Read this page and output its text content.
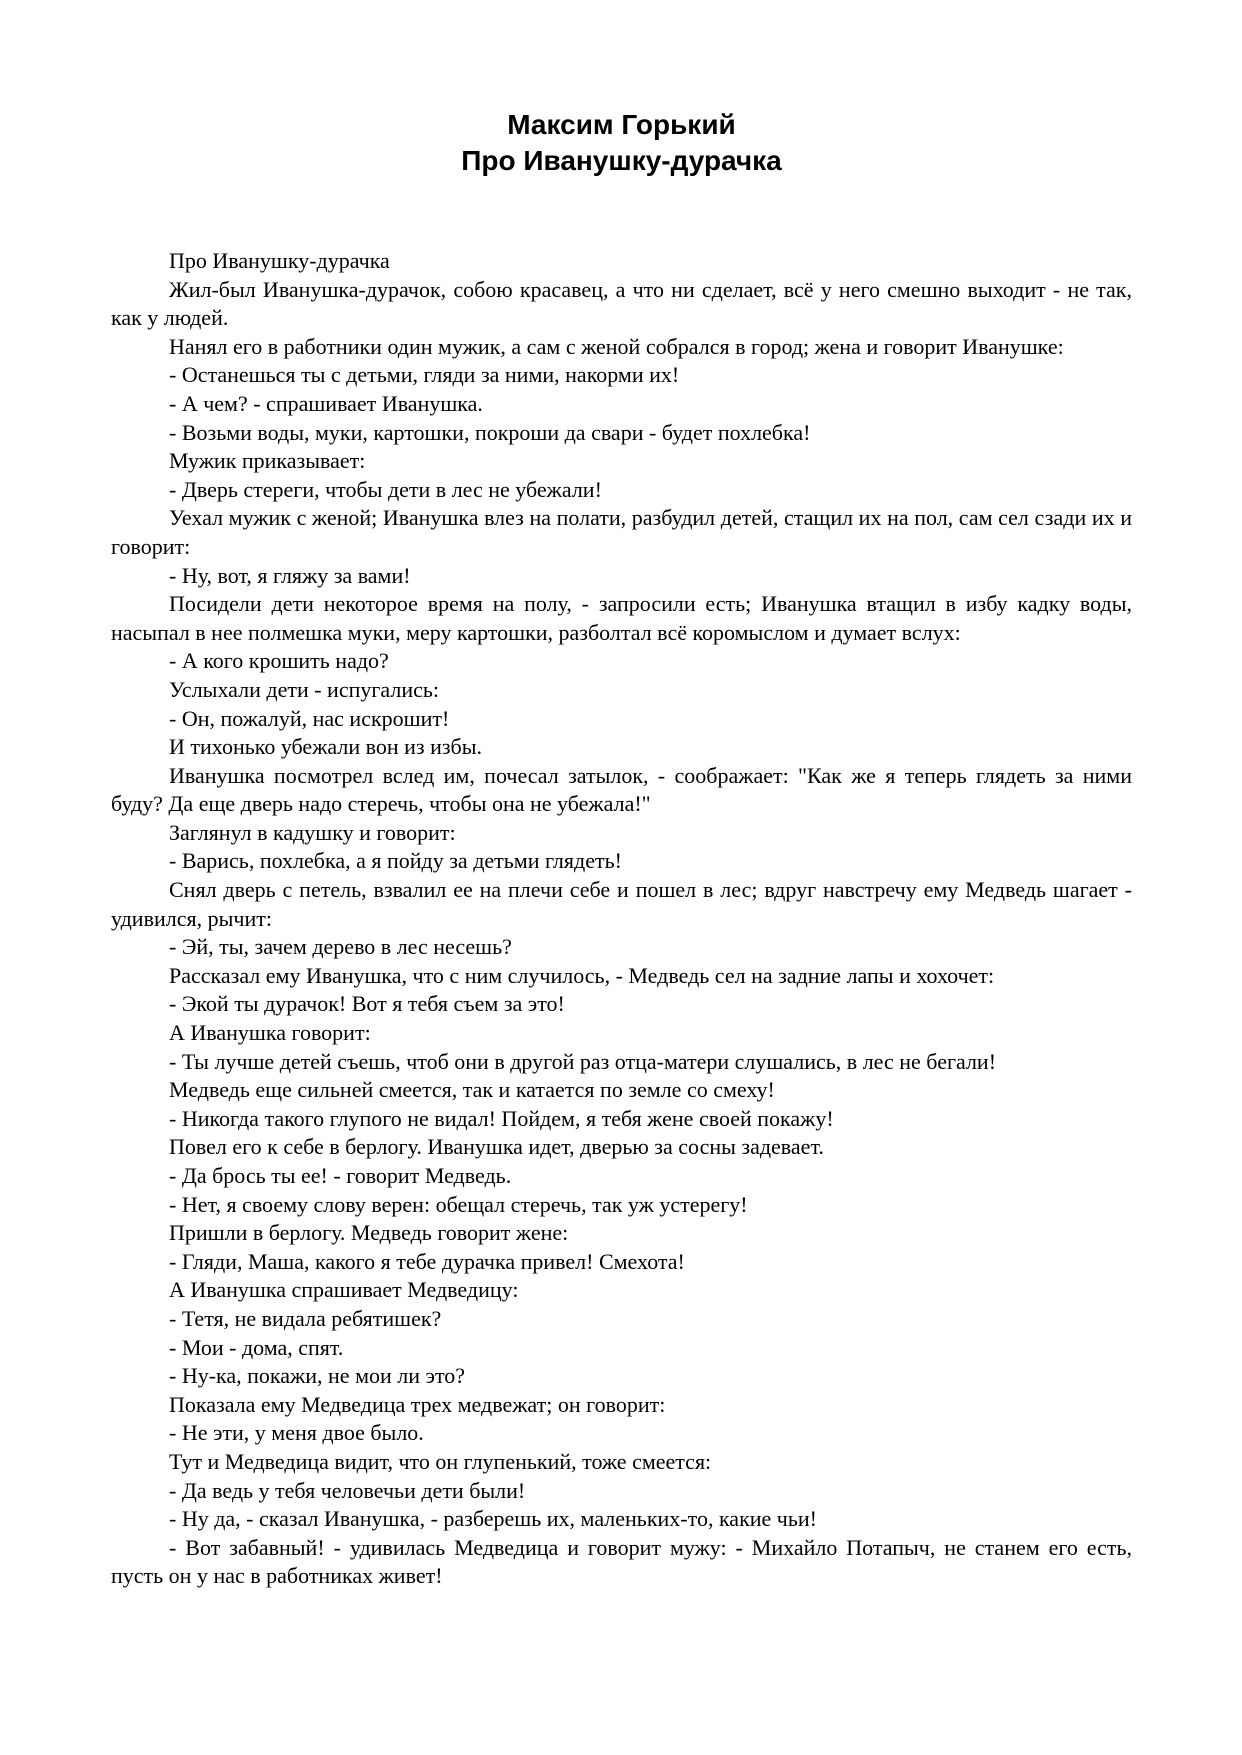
Максим Горький
Про Иванушку-дурачка

Про Иванушку-дурачка

Жил-был Иванушка-дурачок, собою красавец, а что ни сделает, всё у него смешно выходит - не так, как у людей.

Нанял его в работники один мужик, а сам с женой собрался в город; жена и говорит Иванушке:

- Останешься ты с детьми, гляди за ними, накорми их!

- А чем? - спрашивает Иванушка.

- Возьми воды, муки, картошки, покроши да свари - будет похлебка!

Мужик приказывает:

- Дверь стереги, чтобы дети в лес не убежали!

Уехал мужик с женой; Иванушка влез на полати, разбудил детей, стащил их на пол, сам сел сзади их и говорит:

- Ну, вот, я гляжу за вами!

Посидели дети некоторое время на полу, - запросили есть; Иванушка втащил в избу кадку воды, насыпал в нее полмешка муки, меру картошки, разболтал всё коромыслом и думает вслух:

- А кого крошить надо?

Услыхали дети - испугались:

- Он, пожалуй, нас искрошит!

И тихонько убежали вон из избы.

Иванушка посмотрел вслед им, почесал затылок, - соображает: "Как же я теперь глядеть за ними буду? Да еще дверь надо стеречь, чтобы она не убежала!"

Заглянул в кадушку и говорит:

- Варись, похлебка, а я пойду за детьми глядеть!

Снял дверь с петель, взвалил ее на плечи себе и пошел в лес; вдруг навстречу ему Медведь шагает - удивился, рычит:

- Эй, ты, зачем дерево в лес несешь?

Рассказал ему Иванушка, что с ним случилось, - Медведь сел на задние лапы и хохочет:

- Экой ты дурачок! Вот я тебя съем за это!

А Иванушка говорит:

- Ты лучше детей съешь, чтоб они в другой раз отца-матери слушались, в лес не бегали!

Медведь еще сильней смеется, так и катается по земле со смеху!

- Никогда такого глупого не видал! Пойдем, я тебя жене своей покажу!

Повел его к себе в берлогу. Иванушка идет, дверью за сосны задевает.

- Да брось ты ее! - говорит Медведь.

- Нет, я своему слову верен: обещал стеречь, так уж устерегу!

Пришли в берлогу. Медведь говорит жене:

- Гляди, Маша, какого я тебе дурачка привел! Смехота!

А Иванушка спрашивает Медведицу:

- Тетя, не видала ребятишек?

- Мои - дома, спят.

- Ну-ка, покажи, не мои ли это?

Показала ему Медведица трех медвежат; он говорит:

- Не эти, у меня двое было.

Тут и Медведица видит, что он глупенький, тоже смеется:

- Да ведь у тебя человечьи дети были!

- Ну да, - сказал Иванушка, - разберешь их, маленьких-то, какие чьи!

- Вот забавный! - удивилась Медведица и говорит мужу: - Михайло Потапыч, не станем его есть, пусть он у нас в работниках живет!
